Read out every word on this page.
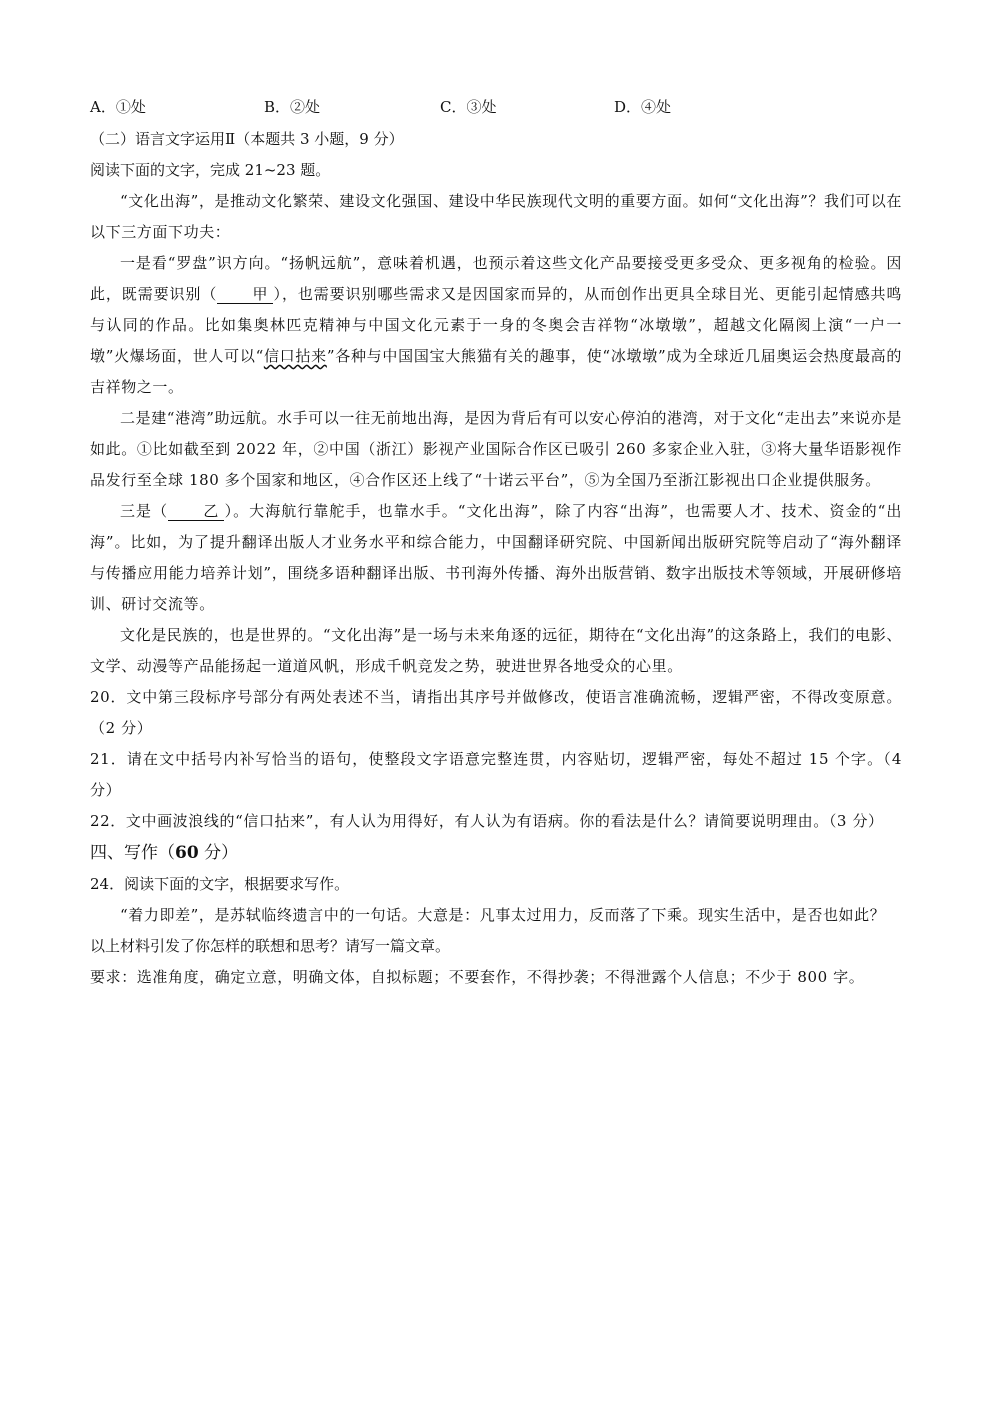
A．①处	B．②处	C．③处	D．④处
（二）语言文字运用Ⅱ（本题共 3 小题，9 分）
阅读下面的文字，完成 21~23 题。
“文化出海”，是推动文化繁荣、建设文化强国、建设中华民族现代文明的重要方面。如何“文化出海”？我们可以在以下三方面下功夫：
一是看“罗盘”识方向。“扬帆远航”，意味着机遇，也预示着这些文化产品要接受更多受众、更多视角的检验。因此，既需要识别（ 甲 ），也需要识别哪些需求又是因国家而异的，从而创作出更具全球目光、更能引起情感共鸣与认同的作品。比如集奥林匹克精神与中国文化元素于一身的冬奥会吉祥物“冰墩墩”，超越文化隔阂上演“一户一墩”火爆场面，世人可以“信口拈来”各种与中国国宝大熊猫有关的趣事，使“冰墩墩”成为全球近几届奥运会热度最高的吉祥物之一。
二是建“港湾”助远航。水手可以一往无前地出海，是因为背后有可以安心停泊的港湾，对于文化“走出去”来说亦是如此。①比如截至到 2022 年，②中国（浙江）影视产业国际合作区已吸引 260 多家企业入驻，③将大量华语影视作品发行至全球 180 多个国家和地区，④合作区还上线了“十诺云平台”，⑤为全国乃至浙江影视出口企业提供服务。
三是（ 乙 ）。大海航行靠舵手，也靠水手。“文化出海”，除了内容“出海”，也需要人才、技术、资金的“出海”。比如，为了提升翻译出版人才业务水平和综合能力，中国翻译研究院、中国新闻出版研究院等启动了“海外翻译与传播应用能力培养计划”，围绕多语种翻译出版、书刊海外传播、海外出版营销、数字出版技术等领域，开展研修培训、研讨交流等。
文化是民族的，也是世界的。“文化出海”是一场与未来角逐的远征，期待在“文化出海”的这条路上，我们的电影、文学、动漫等产品能扬起一道道风帆，形成千帆竞发之势，驶进世界各地受众的心里。
20．文中第三段标序号部分有两处表述不当，请指出其序号并做修改，使语言准确流畅，逻辑严密，不得改变原意。（2 分）
21．请在文中括号内补写恰当的语句，使整段文字语意完整连贯，内容贴切，逻辑严密，每处不超过 15 个字。（4 分）
22．文中画波浪线的“信口拈来”，有人认为用得好，有人认为有语病。你的看法是什么？请简要说明理由。（3 分）
四、写作（60 分）
24．阅读下面的文字，根据要求写作。
“着力即差”，是苏轼临终遗言中的一句话。大意是：凡事太过用力，反而落了下乘。现实生活中，是否也如此？
以上材料引发了你怎样的联想和思考？请写一篇文章。
要求：选准角度，确定立意，明确文体，自拟标题；不要套作，不得抄袭；不得泄露个人信息；不少于 800 字。
